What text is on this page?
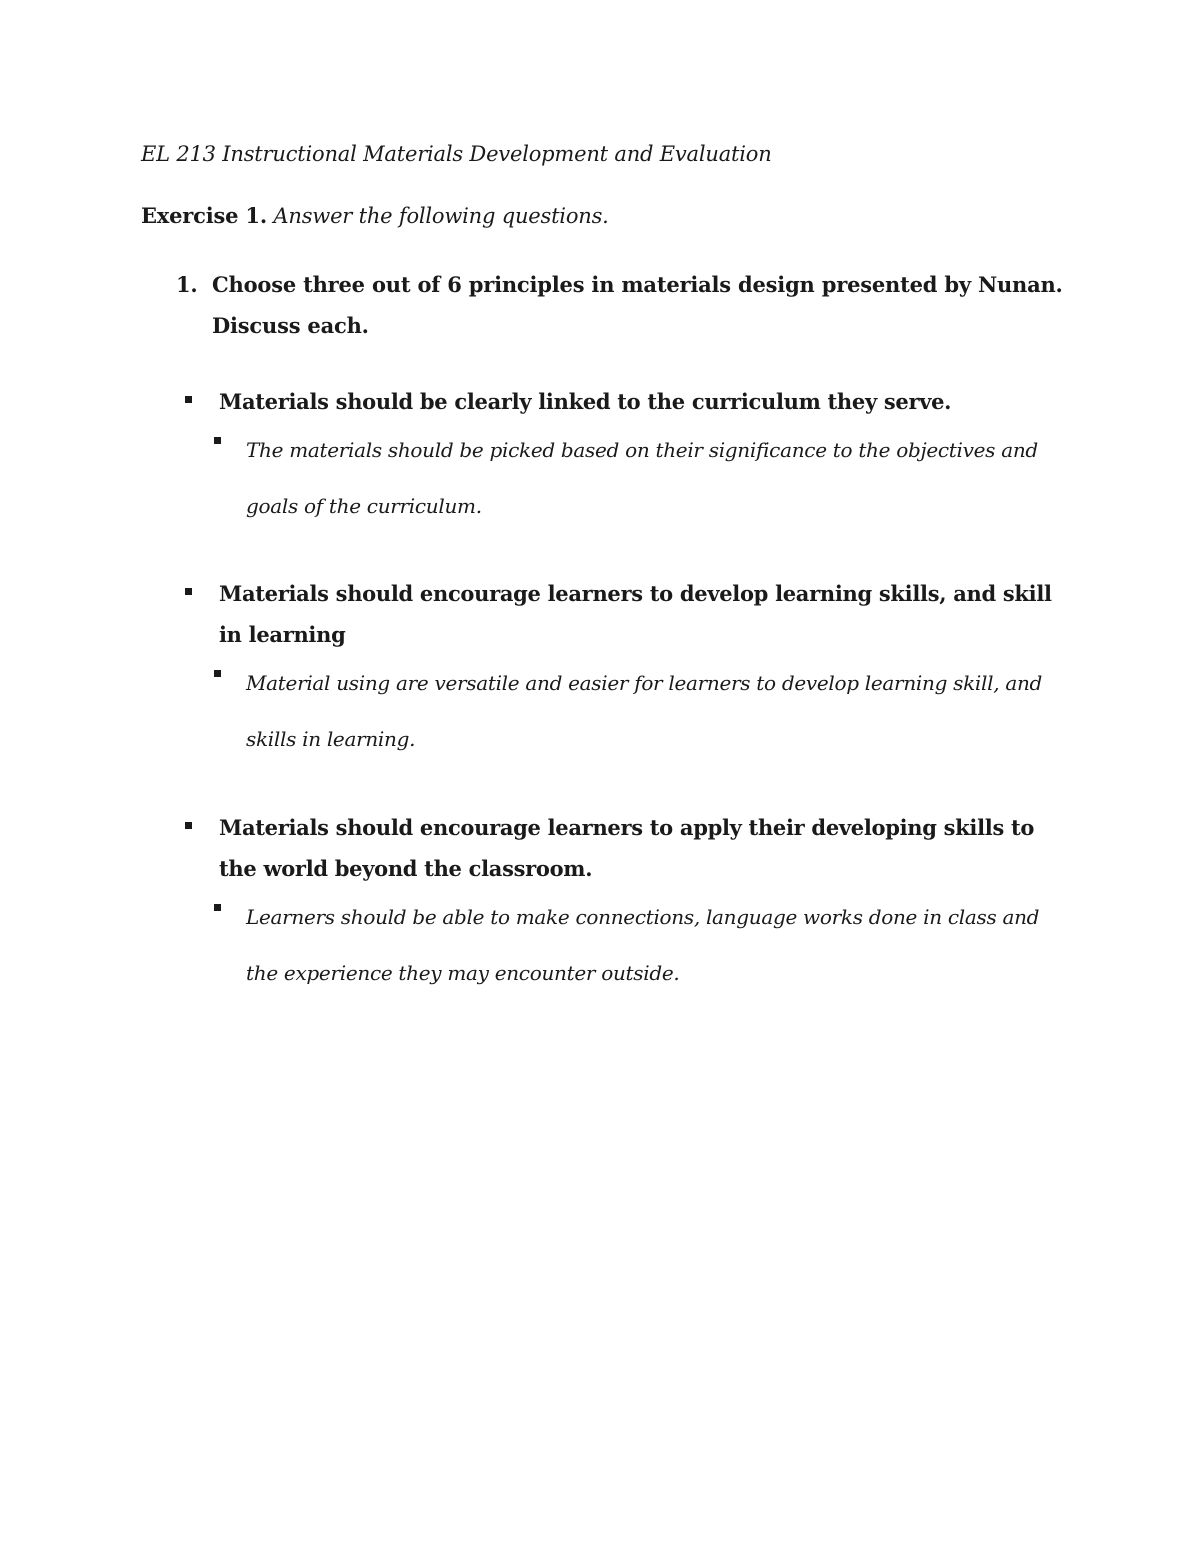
EL 213 Instructional Materials Development and Evaluation
Exercise 1. Answer the following questions.
1. Choose three out of 6 principles in materials design presented by Nunan. Discuss each.
Materials should be clearly linked to the curriculum they serve.
The materials should be picked based on their significance to the objectives and goals of the curriculum.
Materials should encourage learners to develop learning skills, and skill in learning
Material using are versatile and easier for learners to develop learning skill, and skills in learning.
Materials should encourage learners to apply their developing skills to the world beyond the classroom.
Learners should be able to make connections, language works done in class and the experience they may encounter outside.
